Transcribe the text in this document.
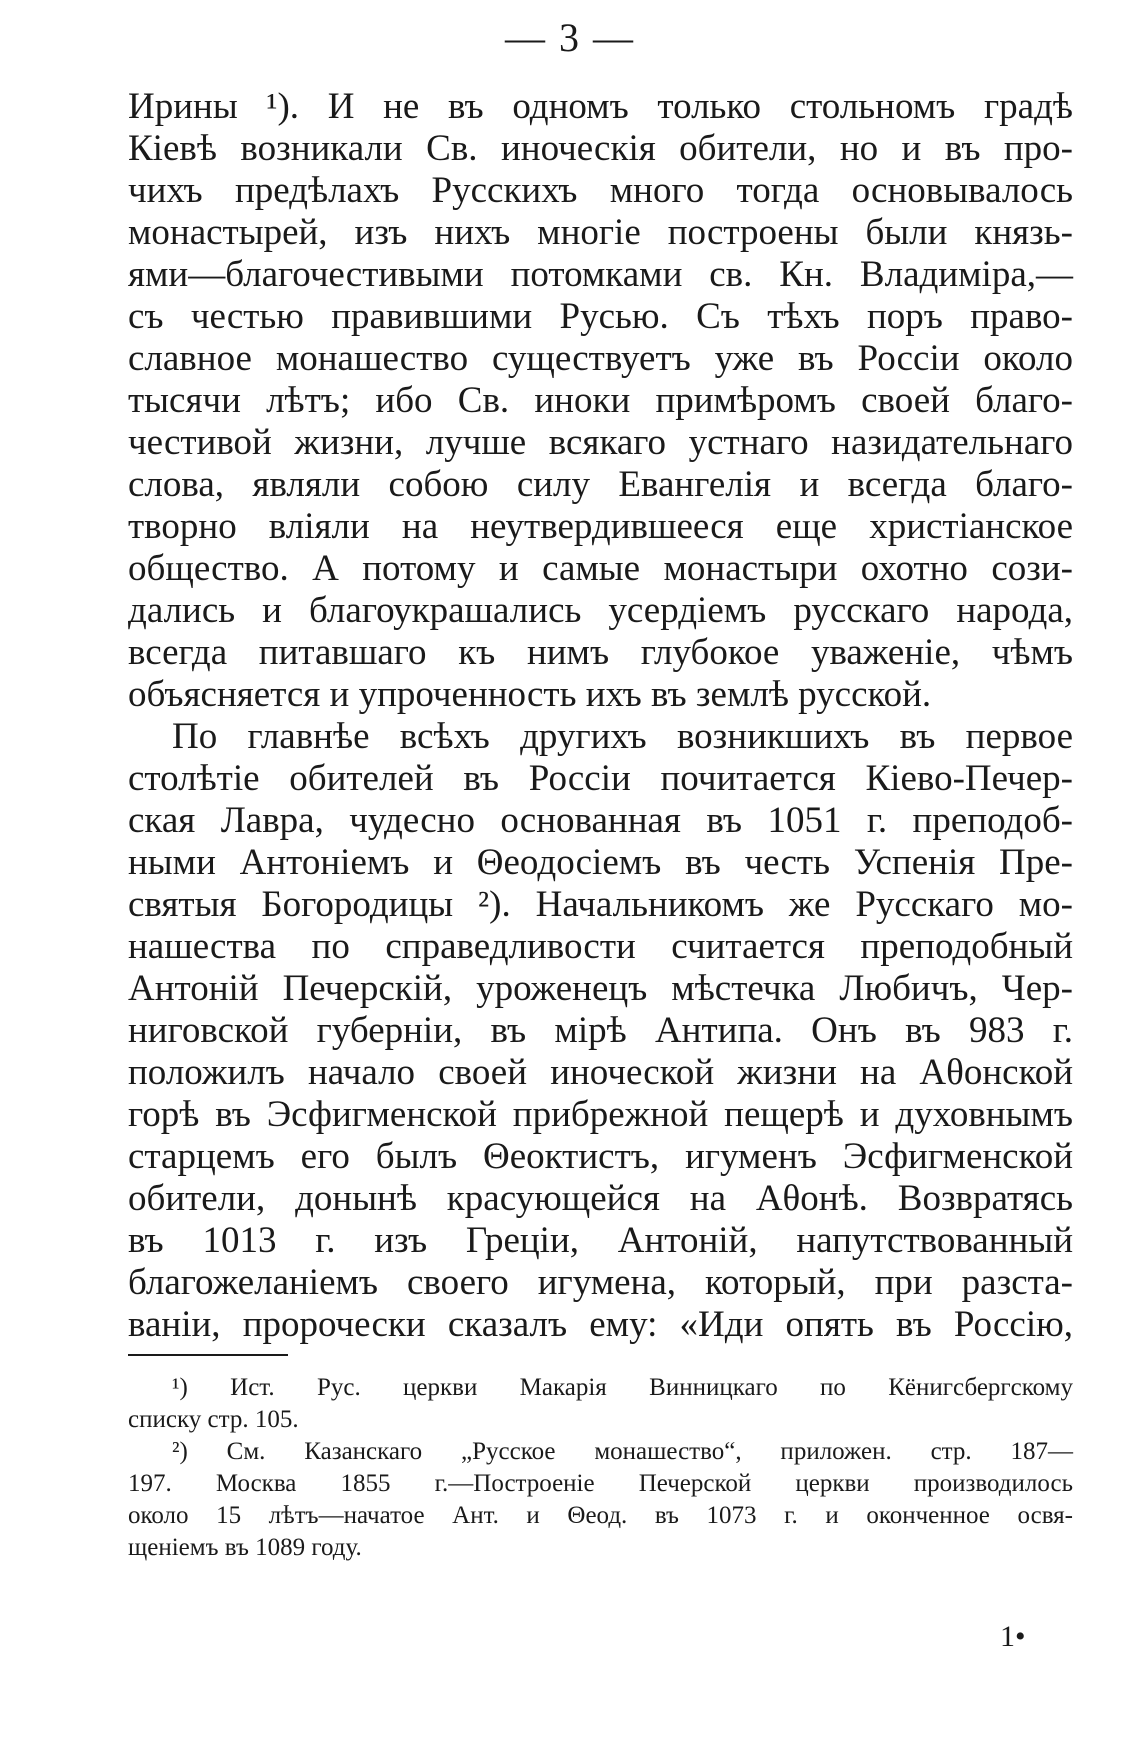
— 3 —
Ирины ¹). И не въ одномъ только стольномъ градѣ
Кіевѣ возникали Св. иноческія обители, но и въ про-
чихъ предѣлахъ Русскихъ много тогда основывалось
монастырей, изъ нихъ многіе построены были князь-
ями—благочестивыми потомками св. Кн. Владиміра,—
съ честью правившими Русью. Съ тѣхъ поръ право-
славное монашество существуетъ уже въ Россіи около
тысячи лѣтъ; ибо Св. иноки примѣромъ своей благо-
честивой жизни, лучше всякаго устнаго назидательнаго
слова, являли собою силу Евангелія и всегда благо-
творно вліяли на неутвердившееся еще христіанское
общество. А потому и самые монастыри охотно сози-
дались и благоукрашались усердіемъ русскаго народа,
всегда питавшаго къ нимъ глубокое уваженіе, чѣмъ
объясняется и упроченность ихъ въ землѣ русской.
По главнѣе всѣхъ другихъ возникшихъ въ первое
столѣтіе обителей въ Россіи почитается Кіево-Печер-
ская Лавра, чудесно основанная въ 1051 г. преподоб-
ными Антоніемъ и Θеодосіемъ въ честь Успенія Пре-
святыя Богородицы ²). Начальникомъ же Русскаго мо-
нашества по справедливости считается преподобный
Антоній Печерскій, уроженецъ мѣстечка Любичъ, Чер-
ниговской губерніи, въ мірѣ Антипа. Онъ въ 983 г.
положилъ начало своей иноческой жизни на Аθонской
горѣ въ Эсфигменской прибрежной пещерѣ и духовнымъ
старцемъ его былъ Θеоктистъ, игуменъ Эсфигменской
обители, донынѣ красующейся на Аθонѣ. Возвратясь
въ 1013 г. изъ Греціи, Антоній, напутствованный
благожеланіемъ своего игумена, который, при разста-
ваніи, пророчески сказалъ ему: «Иди опять въ Россію,
¹) Ист. Рус. церкви Макарія Винницкаго по Кёнигсбергскому
списку стр. 105.
²) См. Казанскаго „Русское монашество“, приложен. стр. 187—
197. Москва 1855 г.—Построеніе Печерской церкви производилось
около 15 лѣтъ—начатое Ант. и Θеод. въ 1073 г. и оконченное освя-
щеніемъ въ 1089 году.
1•
